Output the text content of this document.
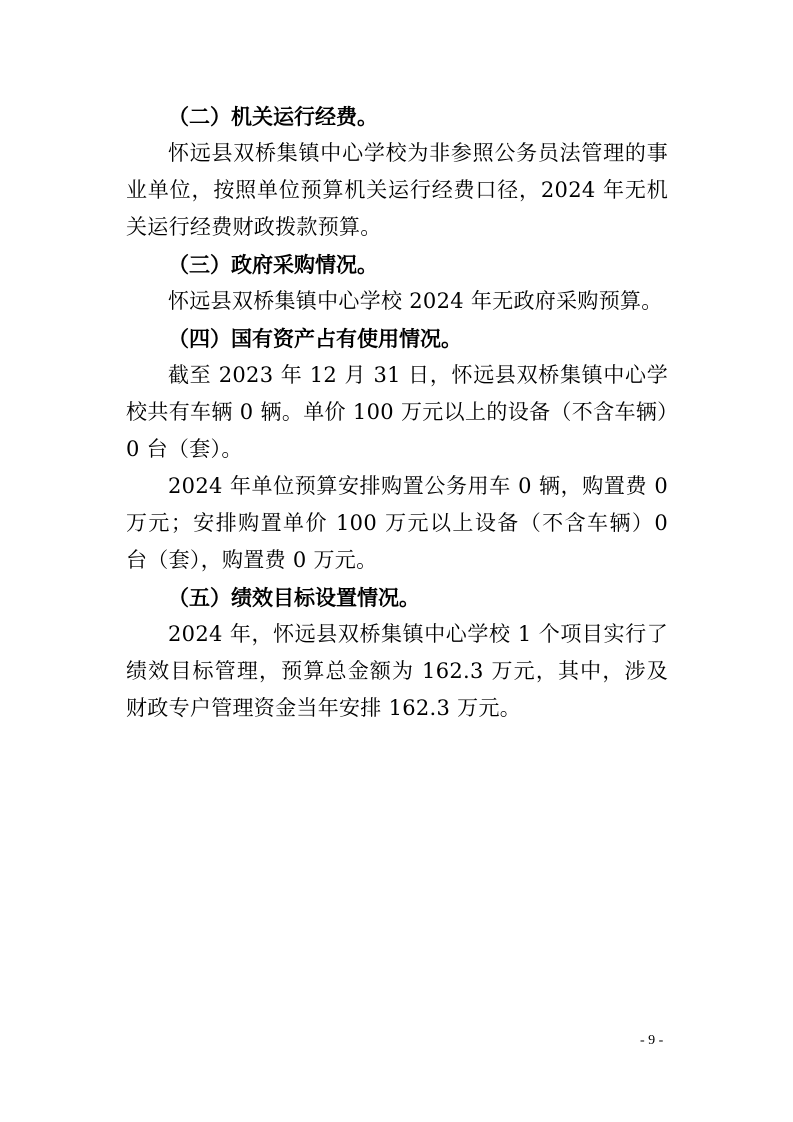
（二）机关运行经费。

怀远县双桥集镇中心学校为非参照公务员法管理的事业单位，按照单位预算机关运行经费口径，2024 年无机关运行经费财政拨款预算。

（三）政府采购情况。

怀远县双桥集镇中心学校 2024 年无政府采购预算。

（四）国有资产占有使用情况。

截至 2023 年 12 月 31 日，怀远县双桥集镇中心学校共有车辆 0 辆。单价 100 万元以上的设备（不含车辆）0 台（套）。

2024 年单位预算安排购置公务用车 0 辆，购置费 0 万元；安排购置单价 100 万元以上设备（不含车辆）0 台（套），购置费 0 万元。

（五）绩效目标设置情况。

2024 年，怀远县双桥集镇中心学校 1 个项目实行了绩效目标管理，预算总金额为 162.3 万元，其中，涉及财政专户管理资金当年安排 162.3 万元。

- 9 -
